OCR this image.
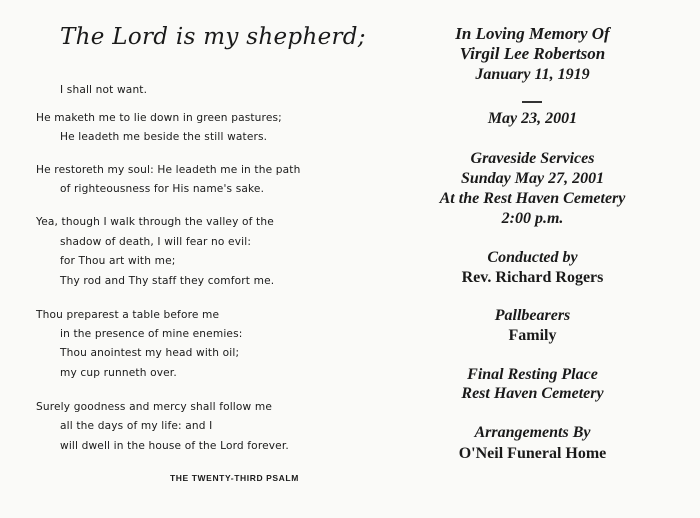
The Lord is my shepherd;
I shall not want.
He maketh me to lie down in green pastures;
He leadeth me beside the still waters.
He restoreth my soul: He leadeth me in the path
of righteousness for His name's sake.
Yea, though I walk through the valley of the
shadow of death, I will fear no evil:
for Thou art with me;
Thy rod and Thy staff they comfort me.
Thou preparest a table before me
in the presence of mine enemies:
Thou anointest my head with oil;
my cup runneth over.
Surely goodness and mercy shall follow me
all the days of my life: and I
will dwell in the house of the Lord forever.
THE TWENTY-THIRD PSALM
In Loving Memory Of
Virgil Lee Robertson
January 11, 1919
May 23, 2001
Graveside Services
Sunday May 27, 2001
At the Rest Haven Cemetery
2:00 p.m.
Conducted by
Rev. Richard Rogers
Pallbearers
Family
Final Resting Place
Rest Haven Cemetery
Arrangements By
O'Neil Funeral Home
